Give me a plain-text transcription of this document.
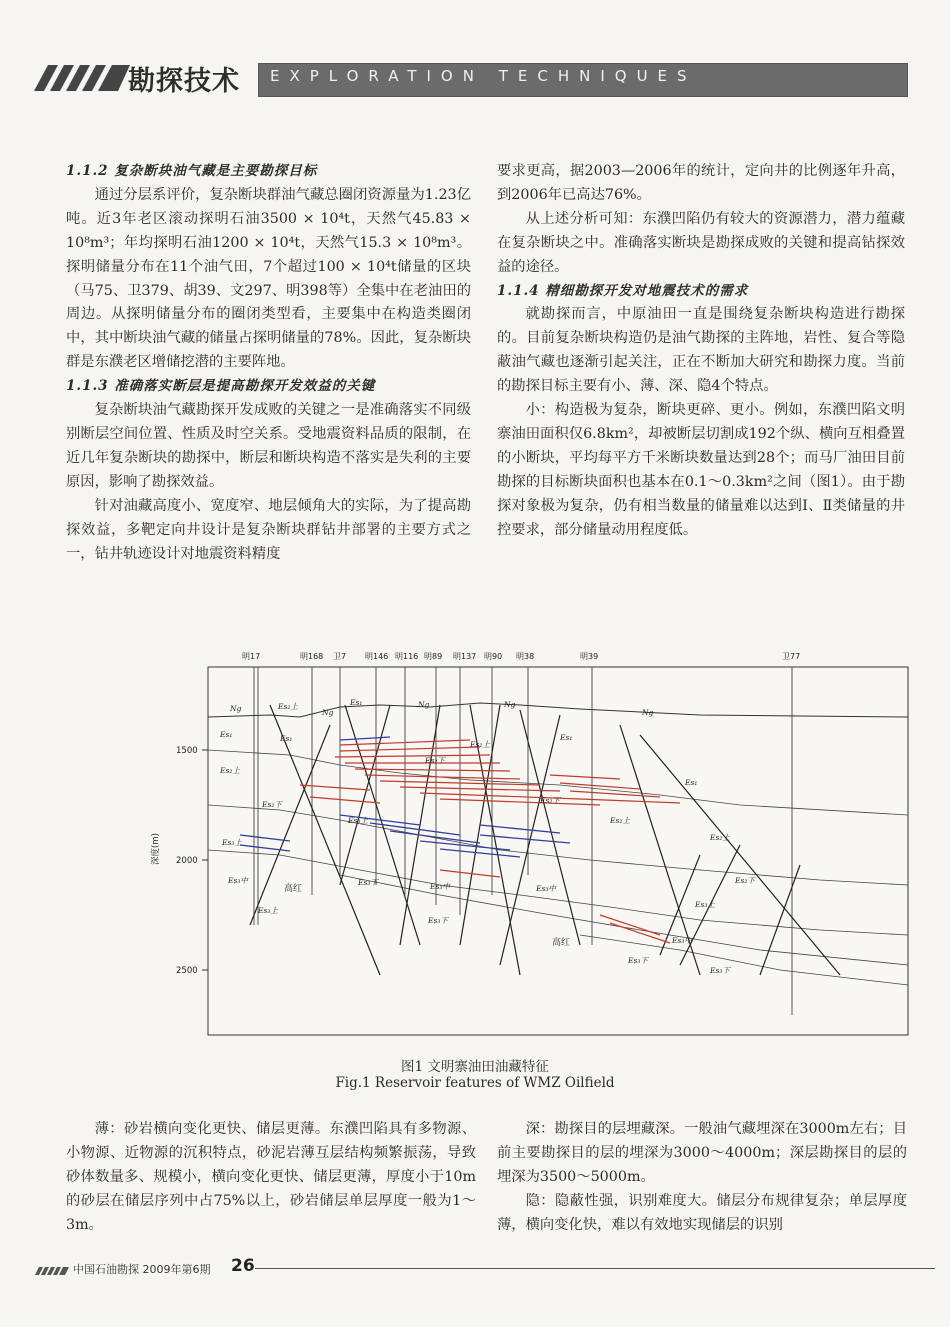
勘探技术 EXPLORATION TECHNIQUES
1.1.2 复杂断块油气藏是主要勘探目标

通过分层系评价，复杂断块群油气藏总圈闭资源量为1.23亿吨。近3年老区滚动探明石油3500 × 10⁴t，天然气45.83 × 10⁸m³；年均探明石油1200 × 10⁴t，天然气15.3 × 10⁸m³。探明储量分布在11个油气田，7个超过100 × 10⁴t储量的区块（马75、卫379、胡39、文297、明398等）全集中在老油田的周边。从探明储量分布的圈闭类型看，主要集中在构造类圈闭中，其中断块油气藏的储量占探明储量的78%。因此，复杂断块群是东濮老区增储挖潜的主要阵地。

1.1.3 准确落实断层是提高勘探开发效益的关键

复杂断块油气藏勘探开发成败的关键之一是准确落实不同级别断层空间位置、性质及时空关系。受地震资料品质的限制，在近几年复杂断块的勘探中，断层和断块构造不落实是失利的主要原因，影响了勘探效益。

针对油藏高度小、宽度窄、地层倾角大的实际，为了提高勘探效益，多靶定向井设计是复杂断块群钻井部署的主要方式之一，钻井轨迹设计对地震资料精度

要求更高，据2003—2006年的统计，定向井的比例逐年升高，到2006年已高达76%。

从上述分析可知：东濮凹陷仍有较大的资源潜力，潜力蕴藏在复杂断块之中。准确落实断块是勘探成败的关键和提高钻探效益的途径。

1.1.4 精细勘探开发对地震技术的需求

就勘探而言，中原油田一直是围绕复杂断块构造进行勘探的。目前复杂断块构造仍是油气勘探的主阵地，岩性、复合等隐蔽油气藏也逐渐引起关注，正在不断加大研究和勘探力度。当前的勘探目标主要有小、薄、深、隐4个特点。

小：构造极为复杂，断块更碎、更小。例如，东濮凹陷文明寨油田面积仅6.8km²，却被断层切割成192个纵、横向互相叠置的小断块，平均每平方千米断块数量达到28个；而马厂油田目前勘探的目标断块面积也基本在0.1～0.3km²之间（图1）。由于勘探对象极为复杂，仍有相当数量的储量难以达到Ⅰ、Ⅱ类储量的井控要求，部分储量动用程度低。

明17	明168 卫7 明146 明116 明89 明137 明90 明38	明39	卫77
Ng	Ng
Ng	Ng
Ng
Es₁	Es₁
Es₁
Es₁
Es₁
Es₂上
Es₂上
Es₂上
Es₂上
Es₂上
Es₂下
Es₂下
Es₂下
Es₂下
Es₃上
Es₃上
Es₃上
Es₃上
Es₃中
Es₃中	Es₃中
Es₃中
Es₃下
Es₃下
Es₃下
Es₃下
高红
高红
1500
2000
2500
深度(m)
图1 文明寨油田油藏特征
Fig.1 Reservoir features of WMZ Oilfield

薄：砂岩横向变化更快、储层更薄。东濮凹陷具有多物源、小物源、近物源的沉积特点，砂泥岩薄互层结构频繁振荡，导致砂体数量多、规模小，横向变化更快、储层更薄，厚度小于10m的砂层在储层序列中占75%以上，砂岩储层单层厚度一般为1～3m。

深：勘探目的层埋藏深。一般油气藏埋深在3000m左右；目前主要勘探目的层的埋深为3000～4000m；深层勘探目的层的埋深为3500～5000m。

隐：隐蔽性强，识别难度大。储层分布规律复杂；单层厚度薄，横向变化快，难以有效地实现储层的识别

中国石油勘探 2009年第6期 26
